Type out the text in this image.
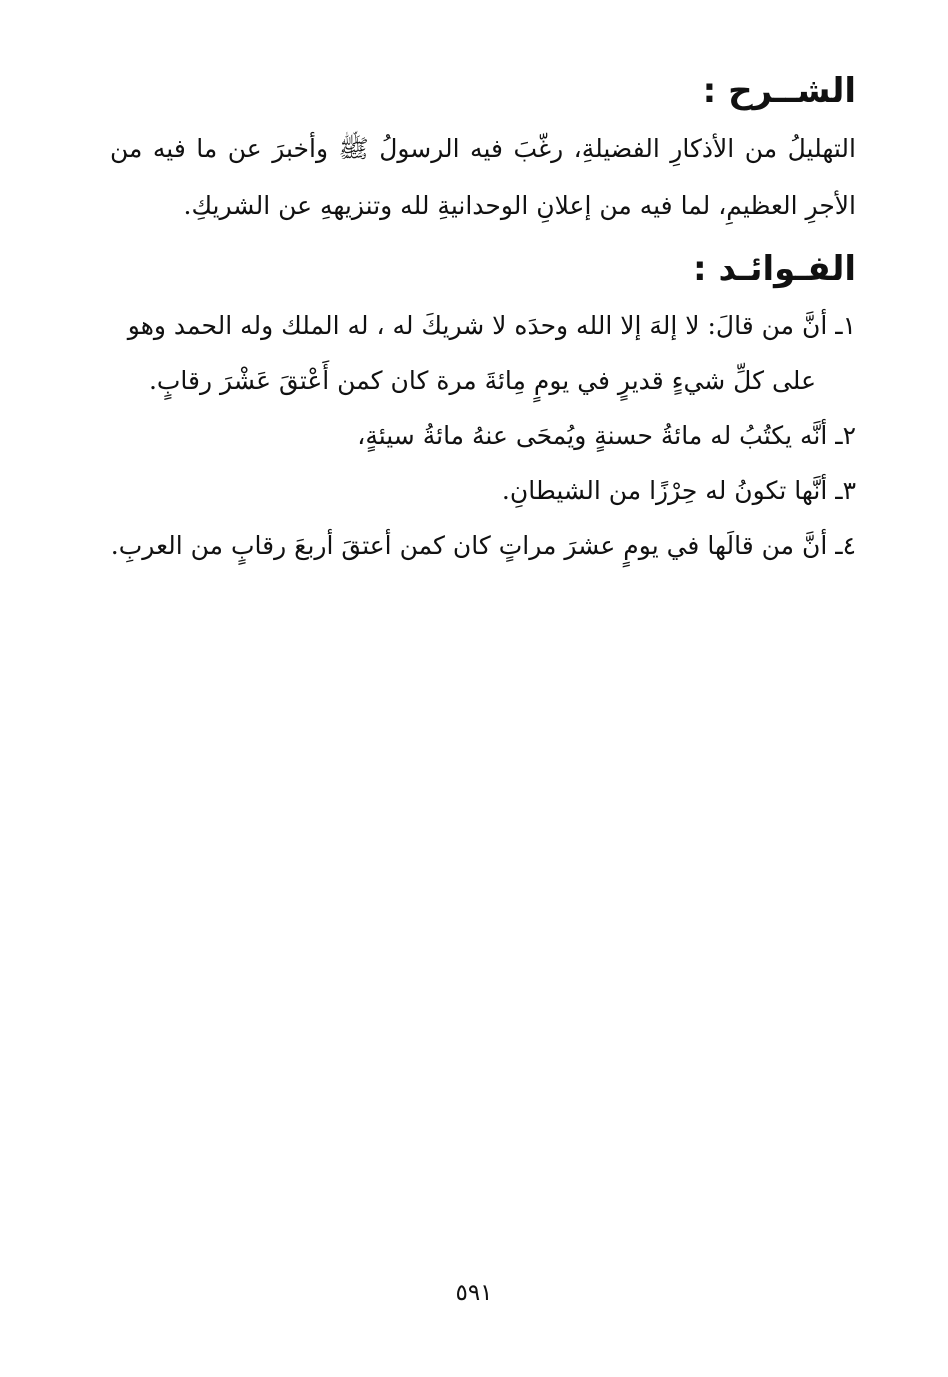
الشــرح :

التهليلُ من الأذكارِ الفضيلةِ، رغّبَ فيه الرسولُ ﷺ وأخبرَ عن ما فيه من الأجرِ العظيمِ، لما فيه من إعلانِ الوحدانيةِ لله وتنزيههِ عن الشريكِ.

الفـوائـد :
١ـ أنَّ من قالَ: لا إلهَ إلا الله وحدَه لا شريكَ له ، له الملك وله الحمد وهو على كلِّ شيءٍ قديرٍ في يومٍ مِائةَ مرة كان كمن أَعْتقَ عَشْرَ رقابٍ.
٢ـ أنَّه يكتُبُ له مائةُ حسنةٍ ويُمحَى عنهُ مائةُ سيئةٍ،
٣ـ أنَّها تكونُ له حِرْزًا من الشيطانِ.
٤ـ أنَّ من قالَها في يومٍ عشرَ مراتٍ كان كمن أعتقَ أربعَ رقابٍ من العربِ.
٥٩١
